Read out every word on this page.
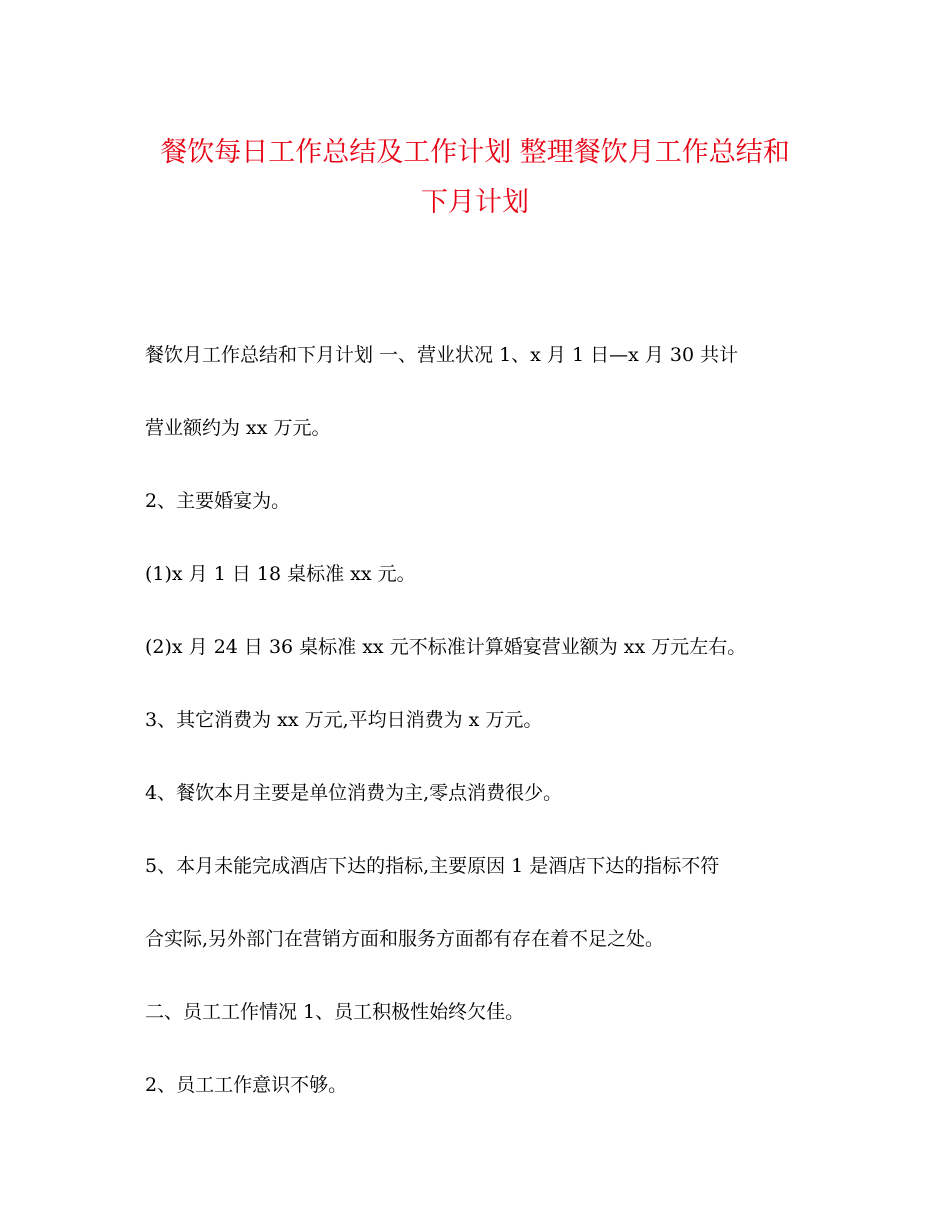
餐饮每日工作总结及工作计划 整理餐饮月工作总结和
下月计划

餐饮月工作总结和下月计划 一、营业状况 1、x 月 1 日—x 月 30 共计

营业额约为 xx 万元。

2、主要婚宴为。

(1)x 月 1 日 18 桌标准 xx 元。

(2)x 月 24 日 36 桌标准 xx 元不标准计算婚宴营业额为 xx 万元左右。

3、其它消费为 xx 万元,平均日消费为 x 万元。

4、餐饮本月主要是单位消费为主,零点消费很少。

5、本月未能完成酒店下达的指标,主要原因 1 是酒店下达的指标不符

合实际,另外部门在营销方面和服务方面都有存在着不足之处。

二、员工工作情况 1、员工积极性始终欠佳。

2、员工工作意识不够。
